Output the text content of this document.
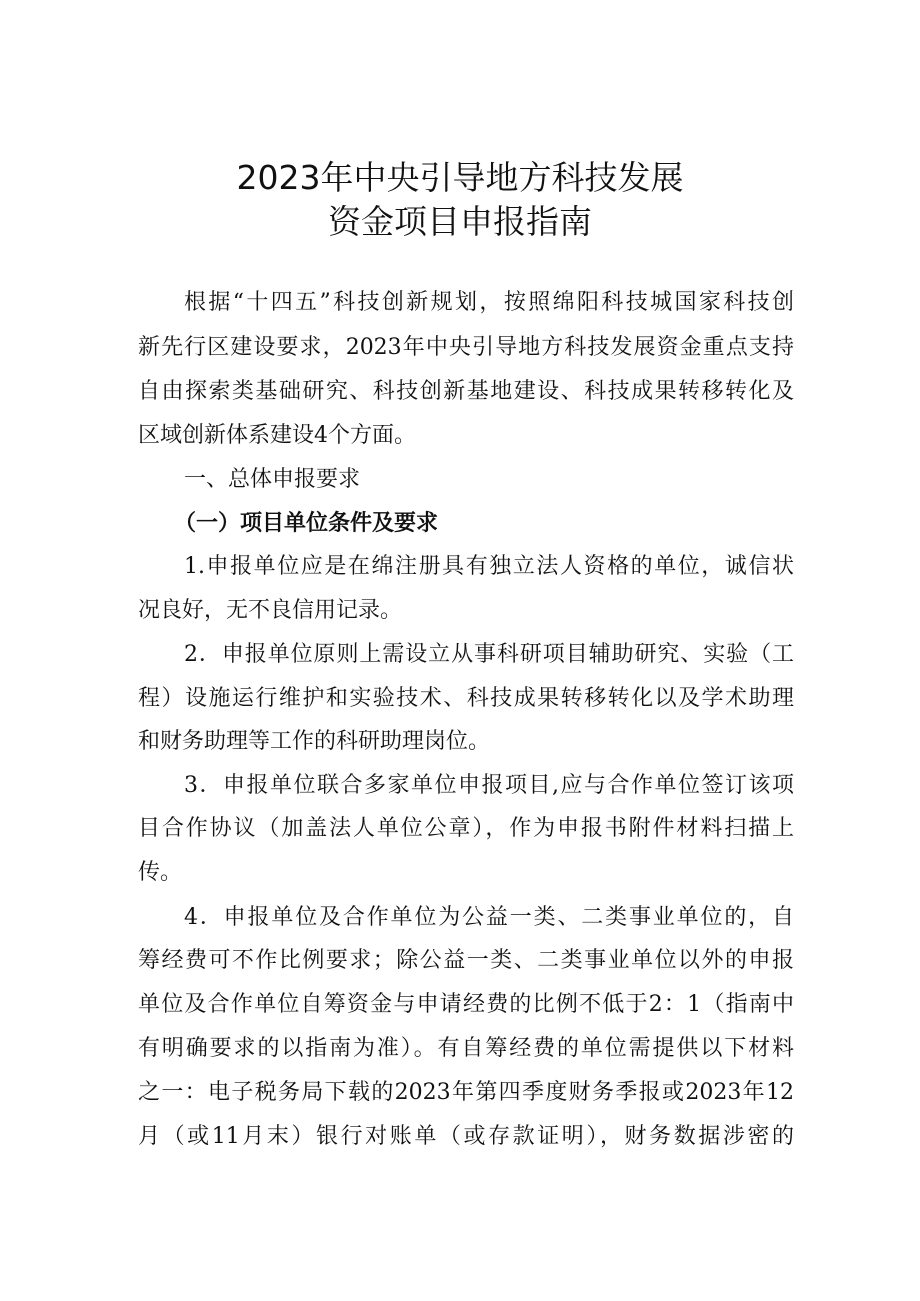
2023年中央引导地方科技发展
资金项目申报指南
根据“十四五”科技创新规划，按照绵阳科技城国家科技创
新先行区建设要求，2023年中央引导地方科技发展资金重点支持
自由探索类基础研究、科技创新基地建设、科技成果转移转化及
区域创新体系建设4个方面。
一、总体申报要求
（一）项目单位条件及要求
1.申报单位应是在绵注册具有独立法人资格的单位，诚信状
况良好，无不良信用记录。
2．申报单位原则上需设立从事科研项目辅助研究、实验（工
程）设施运行维护和实验技术、科技成果转移转化以及学术助理
和财务助理等工作的科研助理岗位。
3．申报单位联合多家单位申报项目,应与合作单位签订该项
目合作协议（加盖法人单位公章），作为申报书附件材料扫描上
传。
4．申报单位及合作单位为公益一类、二类事业单位的，自
筹经费可不作比例要求；除公益一类、二类事业单位以外的申报
单位及合作单位自筹资金与申请经费的比例不低于2：1（指南中
有明确要求的以指南为准）。有自筹经费的单位需提供以下材料
之一：电子税务局下载的2023年第四季度财务季报或2023年12
月（或11月末）银行对账单（或存款证明），财务数据涉密的
